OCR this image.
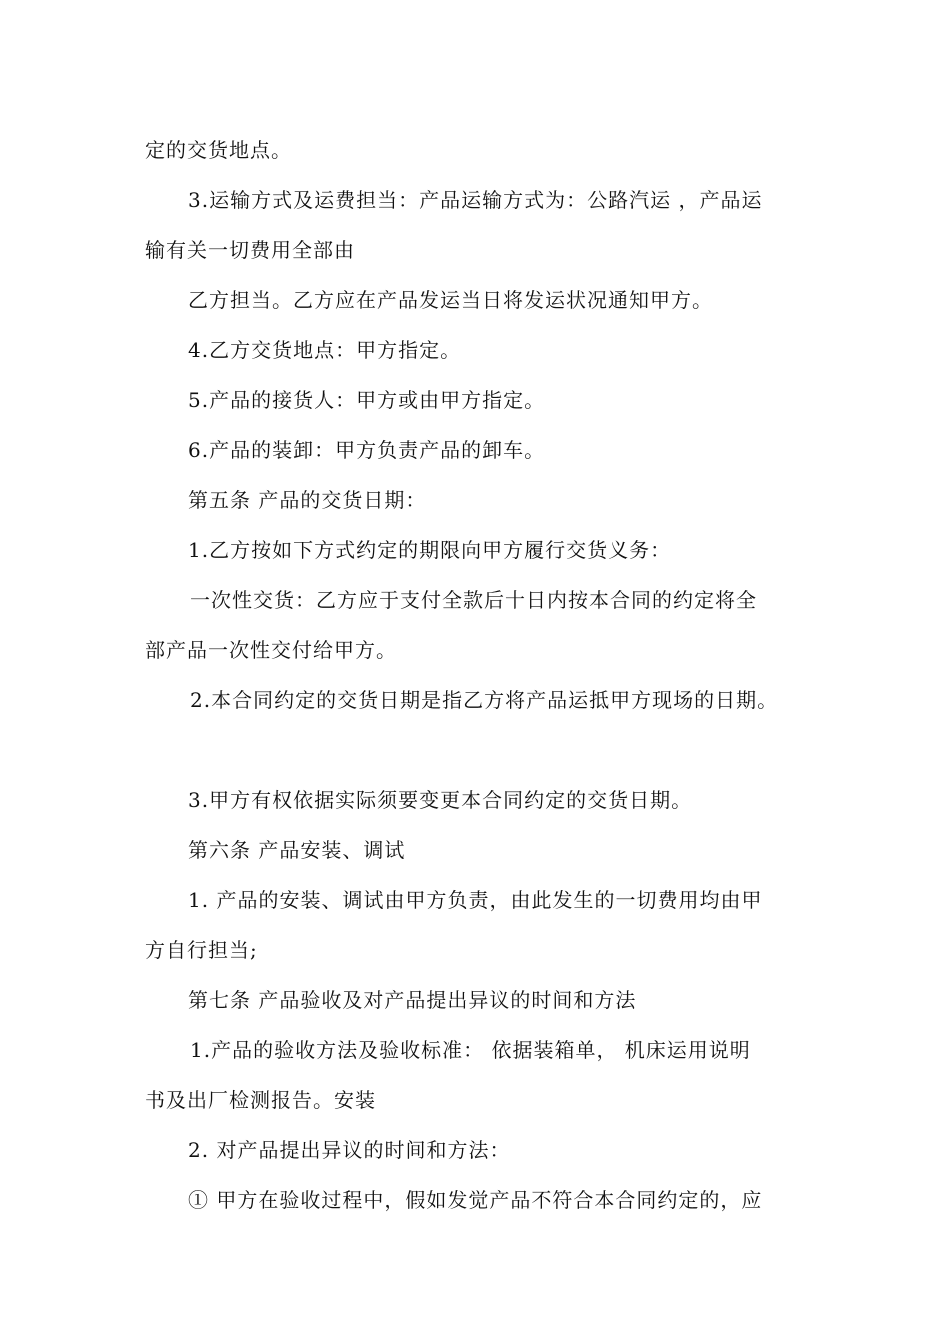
定的交货地点。
3.运输方式及运费担当：产品运输方式为：公路汽运 ，产品运
输有关一切费用全部由
乙方担当。乙方应在产品发运当日将发运状况通知甲方。
4.乙方交货地点：甲方指定。
5.产品的接货人：甲方或由甲方指定。
6.产品的装卸：甲方负责产品的卸车。
第五条 产品的交货日期：
1.乙方按如下方式约定的期限向甲方履行交货义务：
一次性交货：乙方应于支付全款后十日内按本合同的约定将全
部产品一次性交付给甲方。
2.本合同约定的交货日期是指乙方将产品运抵甲方现场的日期。
3.甲方有权依据实际须要变更本合同约定的交货日期。
第六条 产品安装、调试
1. 产品的安装、调试由甲方负责，由此发生的一切费用均由甲
方自行担当;
第七条 产品验收及对产品提出异议的时间和方法
1.产品的验收方法及验收标准： 依据装箱单， 机床运用说明
书及出厂检测报告。安装
2. 对产品提出异议的时间和方法：
① 甲方在验收过程中，假如发觉产品不符合本合同约定的，应
